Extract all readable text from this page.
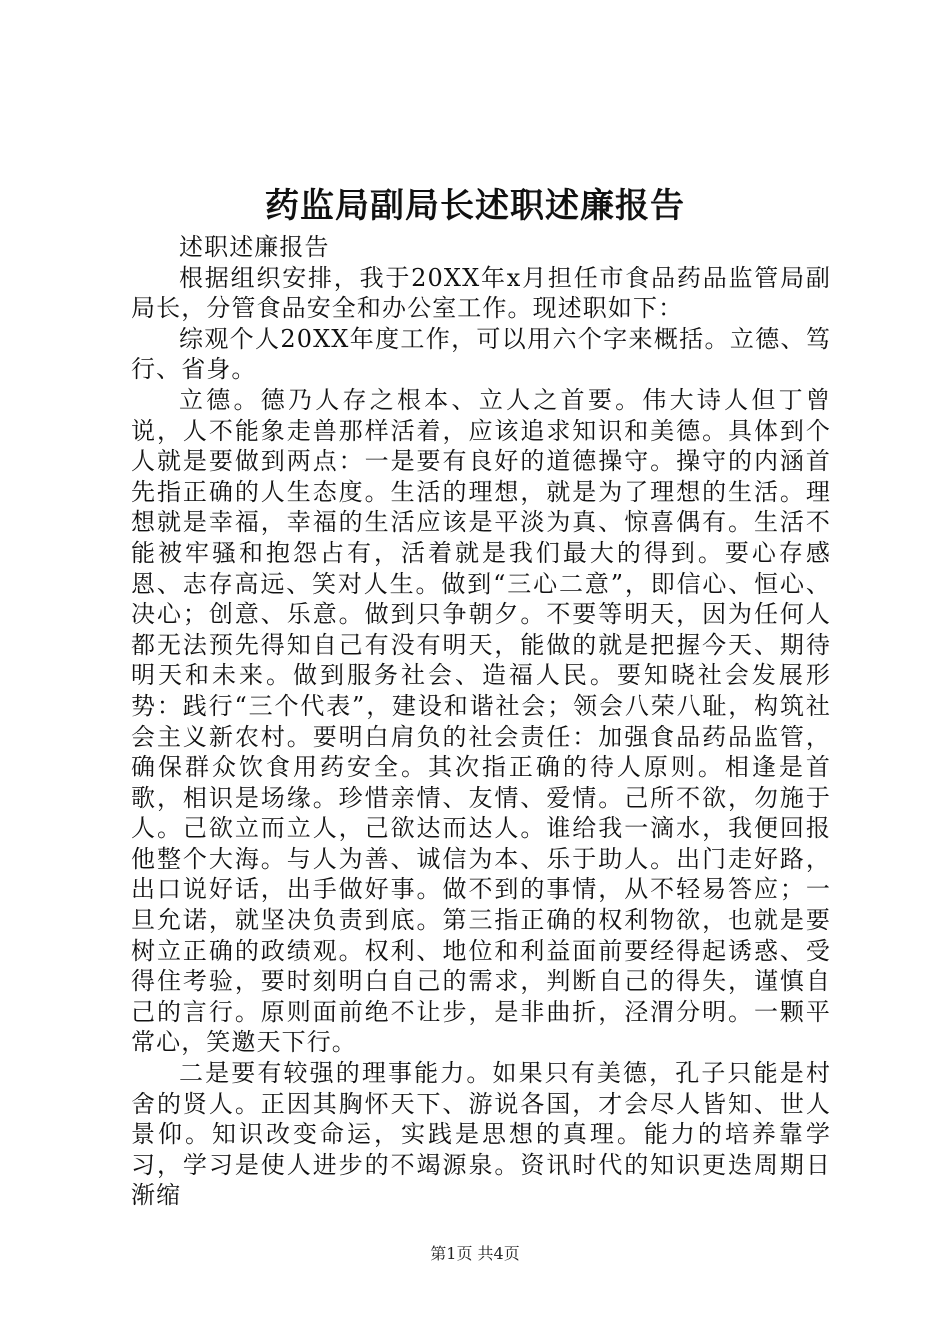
药监局副局长述职述廉报告

述职述廉报告

根据组织安排，我于20XX年x月担任市食品药品监管局副局长，分管食品安全和办公室工作。现述职如下：

综观个人20XX年度工作，可以用六个字来概括。立德、笃行、省身。

立德。德乃人存之根本、立人之首要。伟大诗人但丁曾说，人不能象走兽那样活着，应该追求知识和美德。具体到个人就是要做到两点：一是要有良好的道德操守。操守的内涵首先指正确的人生态度。生活的理想，就是为了理想的生活。理想就是幸福，幸福的生活应该是平淡为真、惊喜偶有。生活不能被牢骚和抱怨占有，活着就是我们最大的得到。要心存感恩、志存高远、笑对人生。做到“三心二意”，即信心、恒心、决心；创意、乐意。做到只争朝夕。不要等明天，因为任何人都无法预先得知自己有没有明天，能做的就是把握今天、期待明天和未来。做到服务社会、造福人民。要知晓社会发展形势：践行“三个代表”，建设和谐社会；领会八荣八耻，构筑社会主义新农村。要明白肩负的社会责任：加强食品药品监管，确保群众饮食用药安全。其次指正确的待人原则。相逢是首歌，相识是场缘。珍惜亲情、友情、爱情。己所不欲，勿施于人。己欲立而立人，己欲达而达人。谁给我一滴水，我便回报他整个大海。与人为善、诚信为本、乐于助人。出门走好路，出口说好话，出手做好事。做不到的事情，从不轻易答应；一旦允诺，就坚决负责到底。第三指正确的权利物欲，也就是要树立正确的政绩观。权利、地位和利益面前要经得起诱惑、受得住考验，要时刻明白自己的需求，判断自己的得失，谨慎自己的言行。原则面前绝不让步，是非曲折，泾渭分明。一颗平常心，笑邀天下行。

二是要有较强的理事能力。如果只有美德，孔子只能是村舍的贤人。正因其胸怀天下、游说各国，才会尽人皆知、世人景仰。知识改变命运，实践是思想的真理。能力的培养靠学习，学习是使人进步的不竭源泉。资讯时代的知识更迭周期日渐缩

第1页 共4页
